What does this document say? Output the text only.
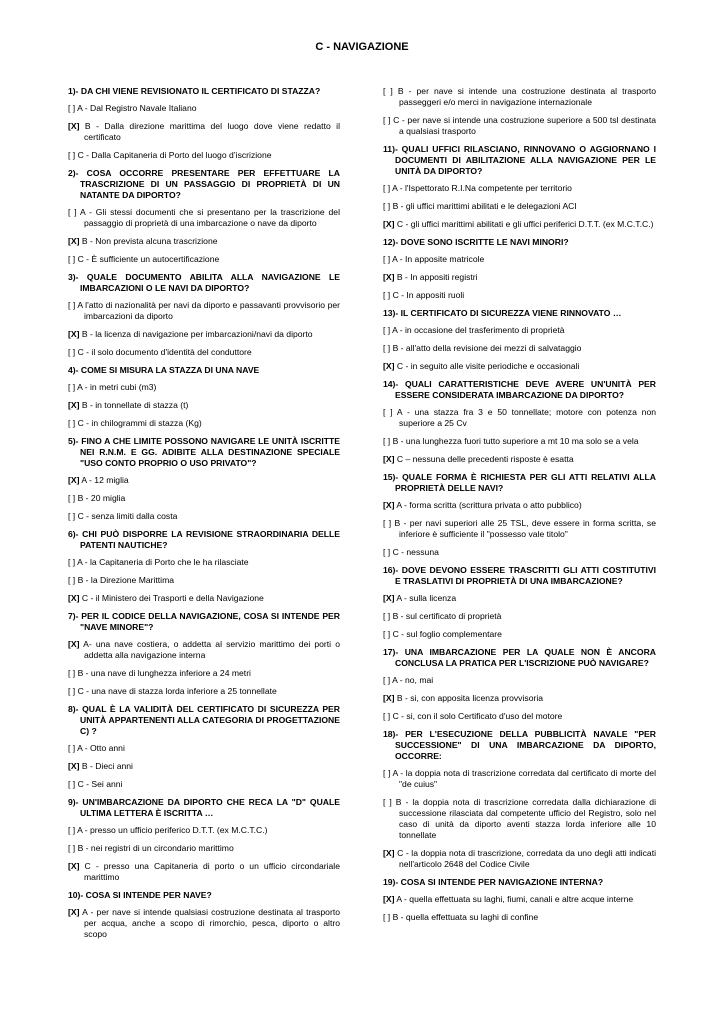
C - NAVIGAZIONE
1)- DA CHI VIENE REVISIONATO IL CERTIFICATO DI STAZZA?
[ ] A - Dal Registro Navale Italiano
[X] B - Dalla direzione marittima del luogo dove viene redatto il certificato
[ ] C - Dalla Capitaneria di Porto del luogo d’iscrizione
2)- COSA OCCORRE PRESENTARE PER EFFETTUARE LA TRASCRIZIONE DI UN PASSAGGIO DI PROPRIETÀ DI UN NATANTE DA DIPORTO?
[ ] A - Gli stessi documenti che si presentano per la trascrizione del passaggio di proprietà di una imbarcazione o nave da diporto
[X] B - Non prevista alcuna trascrizione
[ ] C - È sufficiente un autocertificazione
3)- QUALE DOCUMENTO ABILITA ALLA NAVIGAZIONE LE IMBARCAZIONI O LE NAVI DA DIPORTO?
[ ] A l'atto di nazionalità per navi da diporto e passavanti provvisorio per imbarcazioni da diporto
[X] B - la licenza di navigazione per imbarcazioni/navi da diporto
[ ] C - il solo documento d'identità del conduttore
4)- COME SI MISURA LA STAZZA DI UNA NAVE
[ ] A - in metri cubi (m3)
[X] B - in tonnellate di stazza (t)
[ ] C - in chilogrammi di stazza (Kg)
5)- FINO A CHE LIMITE POSSONO NAVIGARE LE UNITÀ ISCRITTE NEI R.N.M. E GG. ADIBITE ALLA DESTINAZIONE SPECIALE "USO CONTO PROPRIO O USO PRIVATO"?
[X] A - 12 miglia
[ ] B - 20 miglia
[ ] C - senza limiti dalla costa
6)- CHI PUÒ DISPORRE LA REVISIONE STRAORDINARIA DELLE PATENTI NAUTICHE?
[ ] A - la Capitaneria di Porto che le ha rilasciate
[ ] B - la Direzione Marittima
[X] C - il Ministero dei Trasporti e della Navigazione
7)- PER IL CODICE DELLA NAVIGAZIONE, COSA SI INTENDE PER "NAVE MINORE"?
[X] A- una nave costiera, o addetta al servizio marittimo dei porti o addetta alla navigazione interna
[ ] B - una nave di lunghezza inferiore a 24 metri
[ ] C - una nave di stazza lorda inferiore a 25 tonnellate
8)- QUAL È LA VALIDITÀ DEL CERTIFICATO DI SICUREZZA PER UNITÀ APPARTENENTI ALLA CATEGORIA DI PROGETTAZIONE C) ?
[ ] A - Otto anni
[X] B - Dieci anni
[ ] C - Sei anni
9)- UN'IMBARCAZIONE DA DIPORTO CHE RECA LA "D" QUALE ULTIMA LETTERA È ISCRITTA …
[ ] A - presso un ufficio periferico D.T.T. (ex M.C.T.C.)
[ ] B - nei registri di un circondario marittimo
[X] C - presso una Capitaneria di porto o un ufficio circondariale marittimo
10)- COSA SI INTENDE PER NAVE?
[X] A - per nave si intende qualsiasi costruzione destinata al trasporto per acqua, anche a scopo di rimorchio, pesca, diporto o altro scopo
[ ] B - per nave si intende una costruzione destinata al trasporto passeggeri e/o merci in navigazione internazionale
[ ] C - per nave si intende una costruzione superiore a 500 tsl destinata a qualsiasi trasporto
11)- QUALI UFFICI RILASCIANO, RINNOVANO O AGGIORNANO I DOCUMENTI DI ABILITAZIONE ALLA NAVIGAZIONE PER LE UNITÀ DA DIPORTO?
[ ] A - l'Ispettorato R.I.Na competente per territorio
[ ] B - gli uffici marittimi abilitati e le delegazioni ACI
[X] C - gli uffici marittimi abilitati e gli uffici periferici D.T.T. (ex M.C.T.C.)
12)- DOVE SONO ISCRITTE LE NAVI MINORI?
[ ] A - In apposite matricole
[X] B - In appositi registri
[ ] C - In appositi ruoli
13)- IL CERTIFICATO DI SICUREZZA VIENE RINNOVATO …
[ ] A - in occasione del trasferimento di proprietà
[ ] B - all'atto della revisione dei mezzi di salvataggio
[X] C - in seguito alle visite periodiche e occasionali
14)- QUALI CARATTERISTICHE DEVE AVERE UN'UNITÀ PER ESSERE CONSIDERATA IMBARCAZIONE DA DIPORTO?
[ ] A - una stazza fra 3 e 50 tonnellate; motore con potenza non superiore a 25 Cv
[ ] B - una lunghezza fuori tutto superiore a mt 10 ma solo se a vela
[X] C – nessuna delle precedenti risposte è esatta
15)- QUALE FORMA È RICHIESTA PER GLI ATTI RELATIVI ALLA PROPRIETÀ DELLE NAVI?
[X] A - forma scritta (scrittura privata o atto pubblico)
[ ] B - per navi superiori alle 25 TSL, deve essere in forma scritta, se inferiore è sufficiente il "possesso vale titolo"
[ ] C - nessuna
16)- DOVE DEVONO ESSERE TRASCRITTI GLI ATTI COSTITUTIVI E TRASLATIVI DI PROPRIETÀ DI UNA IMBARCAZIONE?
[X] A - sulla licenza
[ ] B - sul certificato di proprietà
[ ] C - sul foglio complementare
17)- UNA IMBARCAZIONE PER LA QUALE NON È ANCORA CONCLUSA LA PRATICA PER L'ISCRIZIONE PUÒ NAVIGARE?
[ ] A - no, mai
[X] B - si, con apposita licenza provvisoria
[ ] C - si, con il solo Certificato d'uso del motore
18)- PER L'ESECUZIONE DELLA PUBBLICITÀ NAVALE "PER SUCCESSIONE" DI UNA IMBARCAZIONE DA DIPORTO, OCCORRE:
[ ] A - la doppia nota di trascrizione corredata dal certificato di morte del "de cuius"
[ ] B - la doppia nota di trascrizione corredata dalla dichiarazione di successione rilasciata dal competente ufficio del Registro, solo nel caso di unità da diporto aventi stazza lorda inferiore alle 10 tonnellate
[X] C - la doppia nota di trascrizione, corredata da uno degli atti indicati nell'articolo 2648 del Codice Civile
19)- COSA SI INTENDE PER NAVIGAZIONE INTERNA?
[X] A - quella effettuata su laghi, fiumi, canali e altre acque interne
[ ] B - quella effettuata su laghi di confine
